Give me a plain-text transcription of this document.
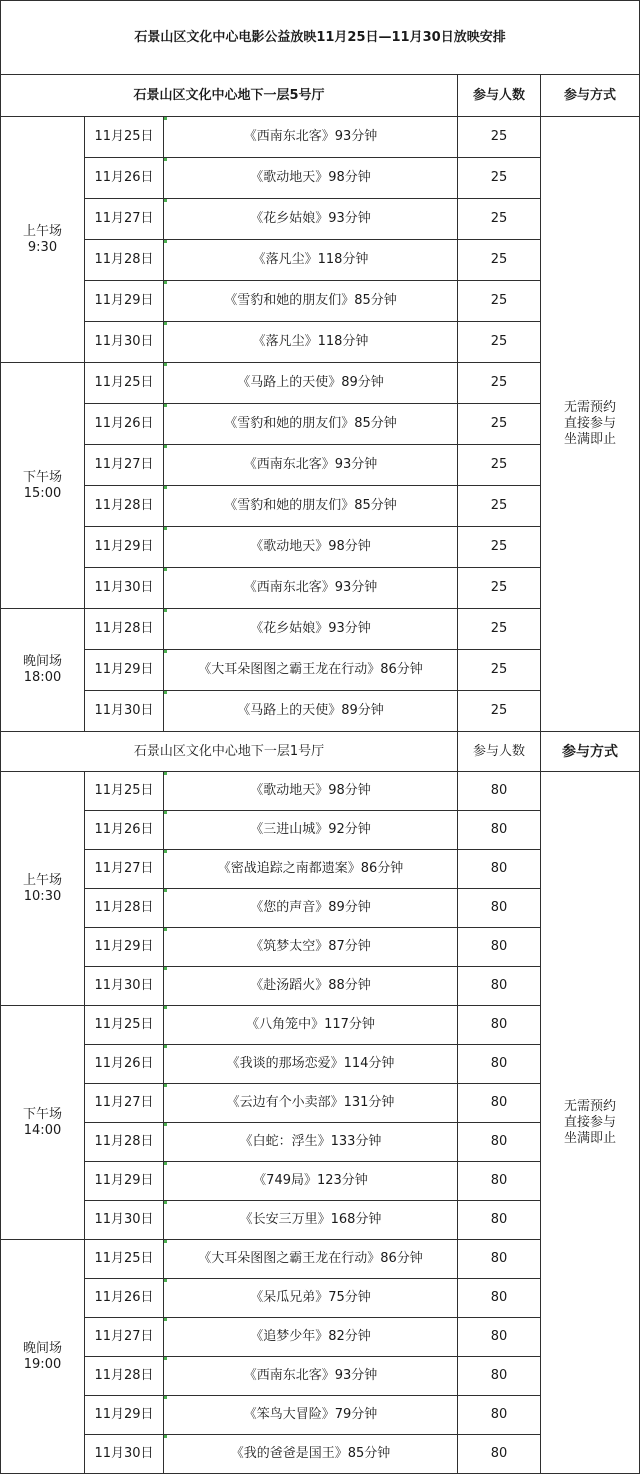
石景山区文化中心电影公益放映11月25日—11月30日放映安排				
石景山区文化中心地下一层5号厅			参与人数	参与方式

上午场
9:30	11月25日	《西南东北客》93分钟	25	无需预约
直接参与
坐满即止

	11月26日	《歌动地天》98分钟	25	
	11月27日	《花乡姑娘》93分钟	25	
	11月28日	《落凡尘》118分钟	25	
	11月29日	《雪豹和她的朋友们》85分钟	25	
	11月30日	《落凡尘》118分钟	25	

下午场
15:00	11月25日	《马路上的天使》89分钟	25	
	11月26日	《雪豹和她的朋友们》85分钟	25	
	11月27日	《西南东北客》93分钟	25	
	11月28日	《雪豹和她的朋友们》85分钟	25	
	11月29日	《歌动地天》98分钟	25	
	11月30日	《西南东北客》93分钟	25	

晚间场
18:00	11月28日	《花乡姑娘》93分钟	25	
	11月29日	《大耳朵图图之霸王龙在行动》86分钟	25	
	11月30日	《马路上的天使》89分钟	25	
石景山区文化中心地下一层1号厅			参与人数	参与方式

上午场
10:30	11月25日	《歌动地天》98分钟	80	无需预约
直接参与
坐满即止

	11月26日	《三进山城》92分钟	80	
	11月27日	《密战追踪之南都遗案》86分钟	80	
	11月28日	《您的声音》89分钟	80	
	11月29日	《筑梦太空》87分钟	80	
	11月30日	《赴汤蹈火》88分钟	80	

下午场
14:00	11月25日	《八角笼中》117分钟	80	
	11月26日	《我谈的那场恋爱》114分钟	80	
	11月27日	《云边有个小卖部》131分钟	80	
	11月28日	《白蛇：浮生》133分钟	80	
	11月29日	《749局》123分钟	80	
	11月30日	《长安三万里》168分钟	80	

晚间场
19:00	11月25日	《大耳朵图图之霸王龙在行动》86分钟	80	
	11月26日	《呆瓜兄弟》75分钟	80	
	11月27日	《追梦少年》82分钟	80	
	11月28日	《西南东北客》93分钟	80	
	11月29日	《笨鸟大冒险》79分钟	80	
	11月30日	《我的爸爸是国王》85分钟	80	
